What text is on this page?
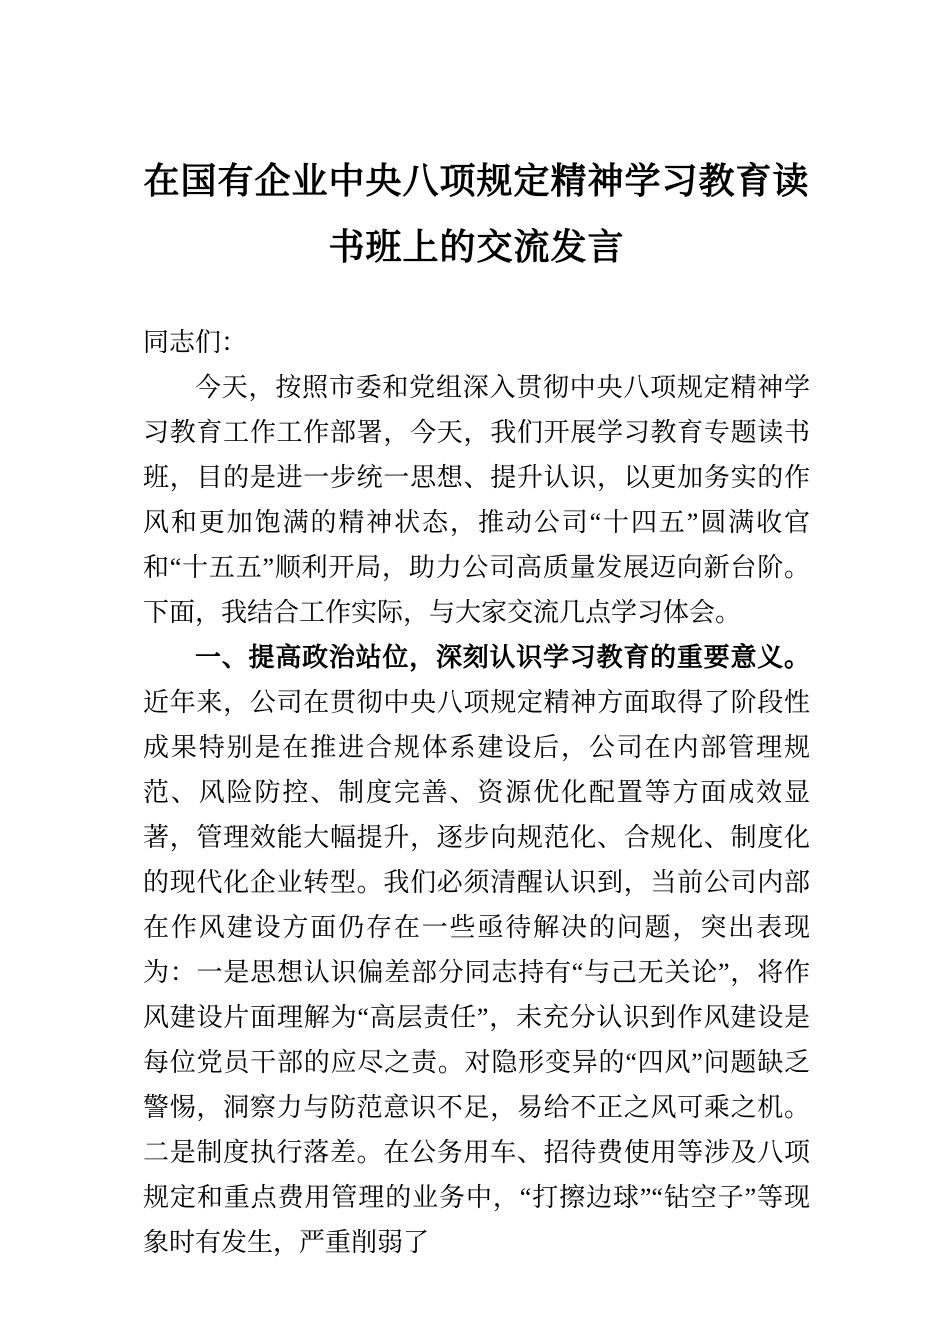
在国有企业中央八项规定精神学习教育读
书班上的交流发言

同志们：

今天，按照市委和党组深入贯彻中央八项规定精神学习教育工作工作部署，今天，我们开展学习教育专题读书班，目的是进一步统一思想、提升认识，以更加务实的作风和更加饱满的精神状态，推动公司“十四五”圆满收官和“十五五”顺利开局，助力公司高质量发展迈向新台阶。下面，我结合工作实际，与大家交流几点学习体会。

一、提高政治站位，深刻认识学习教育的重要意义。近年来，公司在贯彻中央八项规定精神方面取得了阶段性成果特别是在推进合规体系建设后，公司在内部管理规范、风险防控、制度完善、资源优化配置等方面成效显著，管理效能大幅提升，逐步向规范化、合规化、制度化的现代化企业转型。我们必须清醒认识到，当前公司内部在作风建设方面仍存在一些亟待解决的问题，突出表现为：一是思想认识偏差部分同志持有“与己无关论”，将作风建设片面理解为“高层责任”，未充分认识到作风建设是每位党员干部的应尽之责。对隐形变异的“四风”问题缺乏警惕，洞察力与防范意识不足，易给不正之风可乘之机。二是制度执行落差。在公务用车、招待费使用等涉及八项规定和重点费用管理的业务中，“打擦边球”“钻空子”等现象时有发生，严重削弱了
